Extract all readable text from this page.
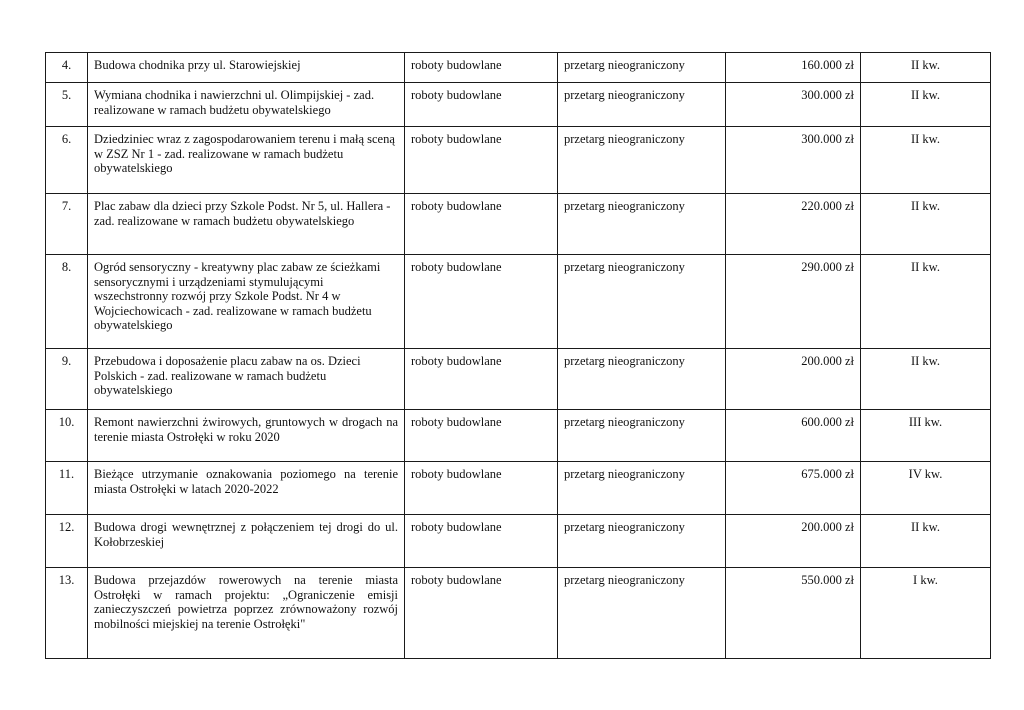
4.	Budowa chodnika przy ul. Starowiejskiej	roboty budowlane	przetarg nieograniczony	160.000 zł	II kw.
5.	Wymiana chodnika i nawierzchni ul. Olimpijskiej - zad. realizowane w ramach budżetu obywatelskiego	roboty budowlane	przetarg nieograniczony	300.000 zł	II kw.
6.	Dziedziniec wraz z zagospodarowaniem terenu i małą sceną w ZSZ Nr 1 - zad. realizowane w ramach budżetu obywatelskiego	roboty budowlane	przetarg nieograniczony	300.000 zł	II kw.
7.	Plac zabaw dla dzieci przy Szkole Podst. Nr 5, ul. Hallera - zad. realizowane w ramach budżetu obywatelskiego	roboty budowlane	przetarg nieograniczony	220.000 zł	II kw.
8.	Ogród sensoryczny - kreatywny plac zabaw ze ścieżkami sensorycznymi i urządzeniami stymulującymi wszechstronny rozwój przy Szkole Podst. Nr 4 w Wojciechowicach - zad. realizowane w ramach budżetu obywatelskiego	roboty budowlane	przetarg nieograniczony	290.000 zł	II kw.
9.	Przebudowa i doposażenie placu zabaw na os. Dzieci Polskich - zad. realizowane w ramach budżetu obywatelskiego	roboty budowlane	przetarg nieograniczony	200.000 zł	II kw.
10.	Remont nawierzchni żwirowych, gruntowych w drogach na terenie miasta Ostrołęki w roku 2020	roboty budowlane	przetarg nieograniczony	600.000 zł	III kw.
11.	Bieżące utrzymanie oznakowania poziomego na terenie miasta Ostrołęki w latach 2020-2022	roboty budowlane	przetarg nieograniczony	675.000 zł	IV kw.
12.	Budowa drogi wewnętrznej z połączeniem tej drogi do ul. Kołobrzeskiej	roboty budowlane	przetarg nieograniczony	200.000 zł	II kw.
13.	Budowa przejazdów rowerowych na terenie miasta Ostrołęki w ramach projektu: „Ograniczenie emisji zanieczyszczeń powietrza poprzez zrównoważony rozwój mobilności miejskiej na terenie Ostrołęki"	roboty budowlane	przetarg nieograniczony	550.000 zł	I kw.
